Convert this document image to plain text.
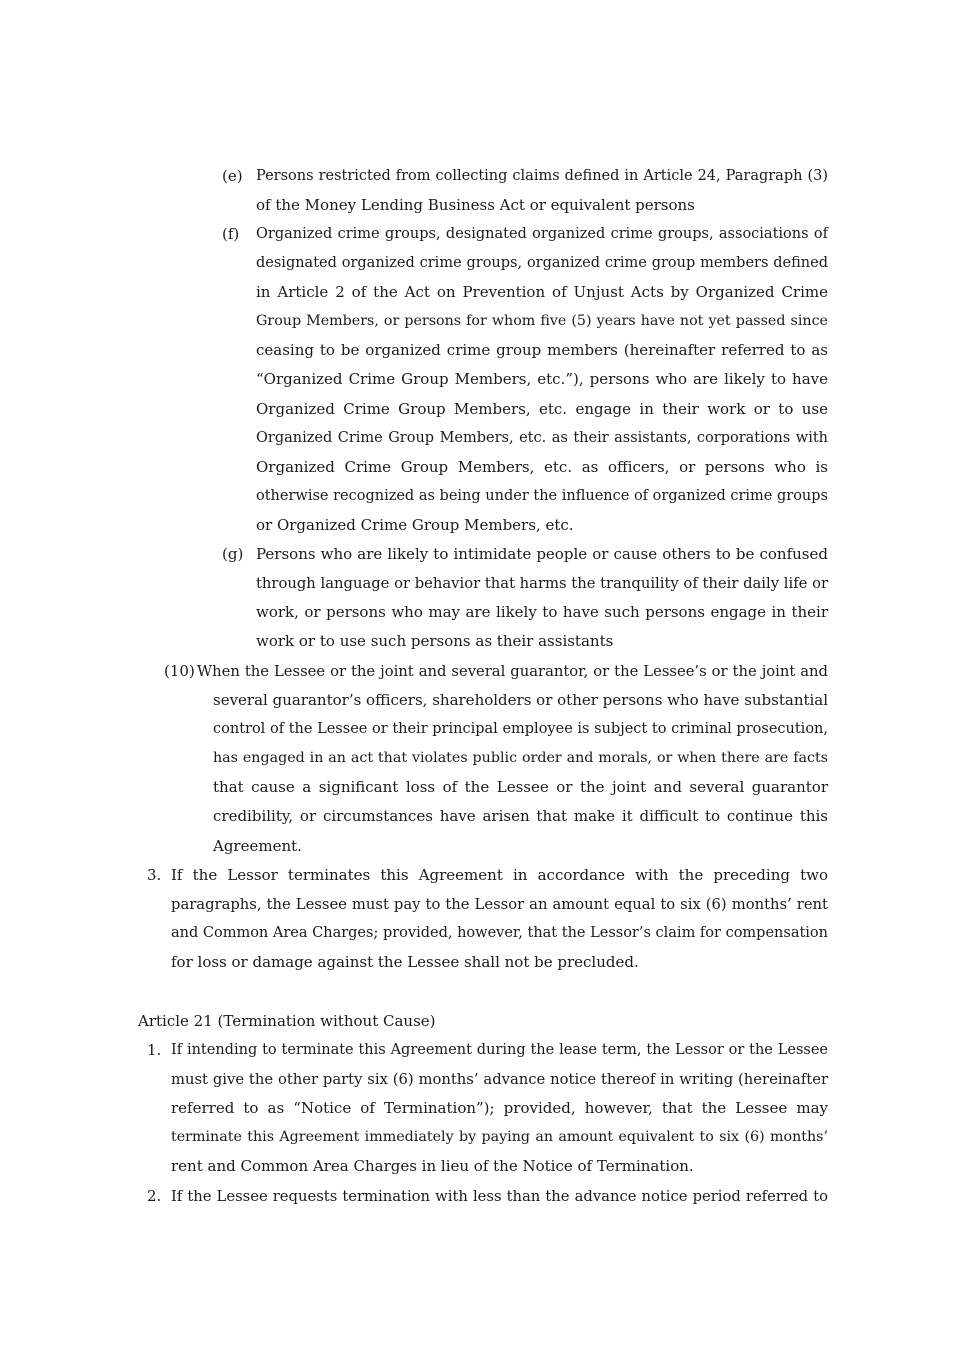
(e) Persons restricted from collecting claims defined in Article 24, Paragraph (3)
of the Money Lending Business Act or equivalent persons
(f) Organized crime groups, designated organized crime groups, associations of
designated organized crime groups, organized crime group members defined
in Article 2 of the Act on Prevention of Unjust Acts by Organized Crime
Group Members, or persons for whom five (5) years have not yet passed since
ceasing to be organized crime group members (hereinafter referred to as
“Organized Crime Group Members, etc.”), persons who are likely to have
Organized Crime Group Members, etc. engage in their work or to use
Organized Crime Group Members, etc. as their assistants, corporations with
Organized Crime Group Members, etc. as officers, or persons who is
otherwise recognized as being under the influence of organized crime groups
or Organized Crime Group Members, etc.
(g) Persons who are likely to intimidate people or cause others to be confused
through language or behavior that harms the tranquility of their daily life or
work, or persons who may are likely to have such persons engage in their
work or to use such persons as their assistants
(10) When the Lessee or the joint and several guarantor, or the Lessee’s or the joint and
several guarantor’s officers, shareholders or other persons who have substantial
control of the Lessee or their principal employee is subject to criminal prosecution,
has engaged in an act that violates public order and morals, or when there are facts
that cause a significant loss of the Lessee or the joint and several guarantor
credibility, or circumstances have arisen that make it difficult to continue this
Agreement.
3. If the Lessor terminates this Agreement in accordance with the preceding two
paragraphs, the Lessee must pay to the Lessor an amount equal to six (6) months’ rent
and Common Area Charges; provided, however, that the Lessor’s claim for compensation
for loss or damage against the Lessee shall not be precluded.
Article 21 (Termination without Cause)
1. If intending to terminate this Agreement during the lease term, the Lessor or the Lessee
must give the other party six (6) months’ advance notice thereof in writing (hereinafter
referred to as “Notice of Termination”); provided, however, that the Lessee may
terminate this Agreement immediately by paying an amount equivalent to six (6) months’
rent and Common Area Charges in lieu of the Notice of Termination.
2. If the Lessee requests termination with less than the advance notice period referred to
